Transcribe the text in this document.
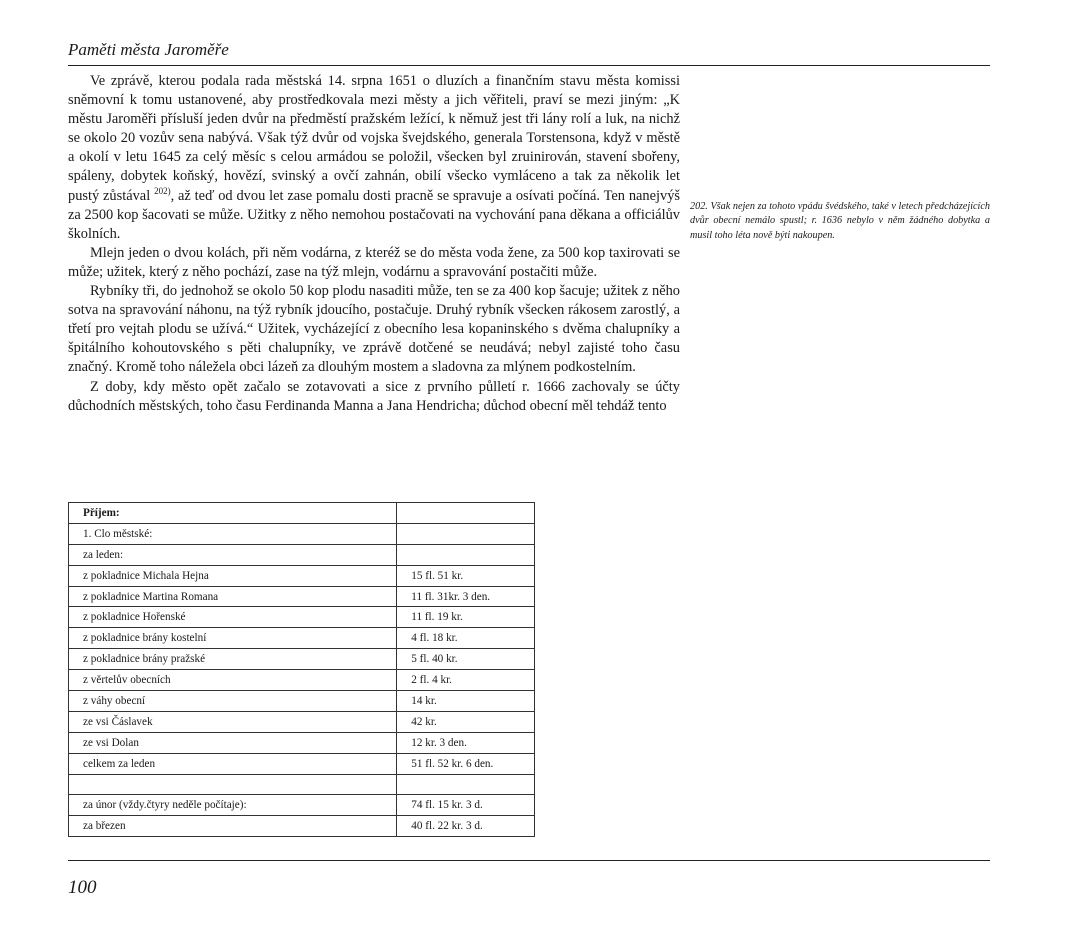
Paměti města Jaroměře

Ve zprávě, kterou podala rada městská 14. srpna 1651 o dluzích a finančním stavu města komissi sněmovní k tomu ustanovené, aby prostředkovala mezi městy a jich věřiteli, praví se mezi jiným: „K městu Jaroměři přísluší jeden dvůr na předměstí pražském ležící, k němuž jest tři lány rolí a luk, na nichž se okolo 20 vozův sena nabývá. Však týž dvůr od vojska švejdského, generala Torstensona, když v městě a okolí v letu 1645 za celý měsíc s celou armádou se položil, všecken byl zruinirován, stavení sbořeny, spáleny, dobytek koňský, hovězí, svinský a ovčí zahnán, obilí všecko vymláceno a tak za několik let pustý zůstával $^{202)}$, až teď od dvou let zase pomalu dosti pracně se spravuje a osívati počíná. Ten nanejvýš za 2500 kop šacovati se může. Užitky z něho nemohou postačovati na vychování pana děkana a officiálův školních.

Mlejn jeden o dvou kolách, při něm vodárna, z kteréž se do města voda žene, za 500 kop taxirovati se může; užitek, který z něho pochází, zase na týž mlejn, vodárnu a spravování postačiti může.

Rybníky tři, do jednohož se okolo 50 kop plodu nasaditi může, ten se za 400 kop šacuje; užitek z něho sotva na spravování náhonu, na týž rybník jdoucího, postačuje. Druhý rybník všecken rákosem zarostlý, a třetí pro vejtah plodu se užívá.“ Užitek, vycházející z obecního lesa kopaninského s dvěma chalupníky a špitálního kohoutovského s pěti chalupníky, ve zprávě dotčené se neudává; nebyl zajisté toho času značný. Kromě toho náležela obci lázeň za dlouhým mostem a sladovna za mlýnem podkostelním.

Z doby, kdy město opět začalo se zotavovati a sice z prvního půlletí r. 1666 zachovaly se účty důchodních městských, toho času Ferdinanda Manna a Jana Hendricha; důchod obecní měl tehdáž tento

202. Však nejen za tohoto vpádu švédského, také v letech předcházejících dvůr obecní nemálo spustl; r. 1636 nebylo v něm žádného dobytka a musil toho léta nově býti nakoupen.
Příjem:	
1. Clo městské:	
za leden:	
z pokladnice Michala Hejna	15 fl. 51 kr.
z pokladnice Martina Romana	11 fl. 31kr. 3 den.
z pokladnice Hořenské	11 fl. 19 kr.
z pokladnice brány kostelní	4 fl. 18 kr.
z pokladnice brány pražské	5 fl. 40 kr.
z věrtelův obecních	2 fl. 4 kr.
z váhy obecní	14 kr.
ze vsi Čáslavek	42 kr.
ze vsi Dolan	12 kr. 3 den.
celkem za leden	51 fl. 52 kr. 6 den.

za únor (vždy.čtyry neděle počítaje):	74 fl. 15 kr. 3 d.
za březen	40 fl. 22 kr. 3 d.
100
